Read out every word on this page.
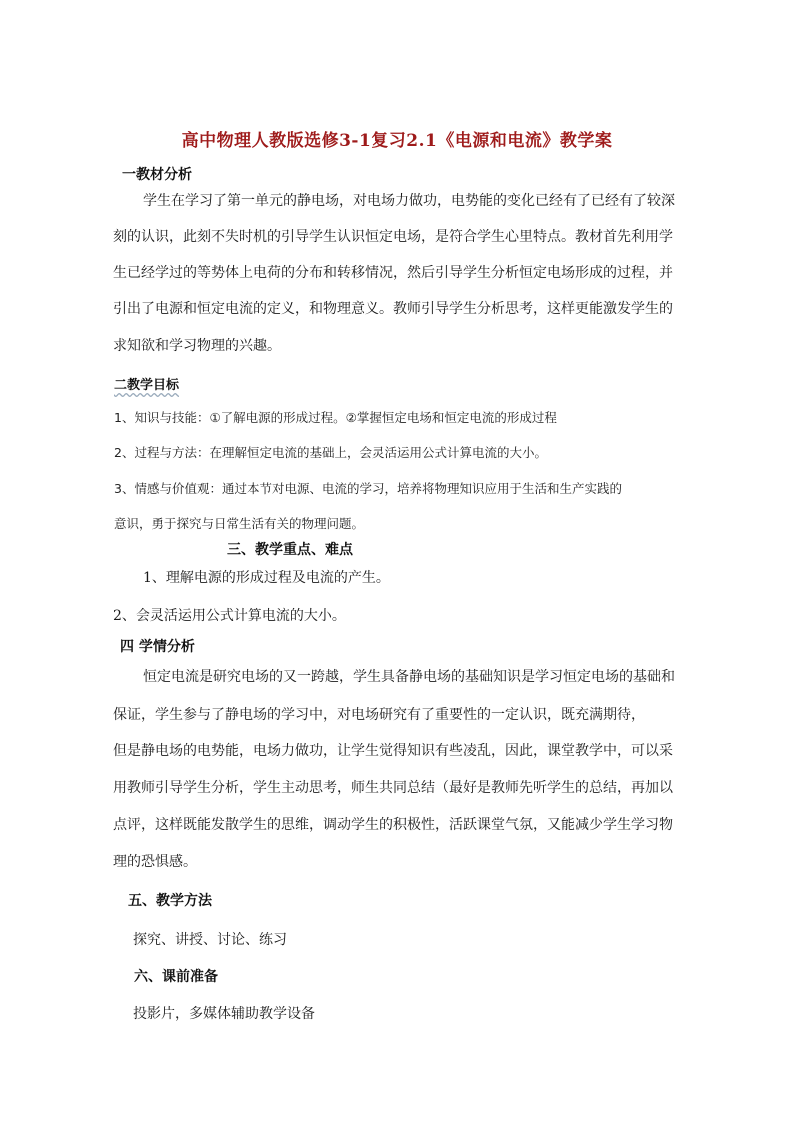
高中物理人教版选修3-1复习2.1《电源和电流》教学案
一教材分析
学生在学习了第一单元的静电场，对电场力做功，电势能的变化已经有了已经有了较深
刻的认识，此刻不失时机的引导学生认识恒定电场，是符合学生心里特点。教材首先利用学
生已经学过的等势体上电荷的分布和转移情况，然后引导学生分析恒定电场形成的过程，并
引出了电源和恒定电流的定义，和物理意义。教师引导学生分析思考，这样更能激发学生的
求知欲和学习物理的兴趣。
二教学目标
1、知识与技能：①了解电源的形成过程。②掌握恒定电场和恒定电流的形成过程
2、过程与方法：在理解恒定电流的基础上，会灵活运用公式计算电流的大小。
3、情感与价值观：通过本节对电源、电流的学习，培养将物理知识应用于生活和生产实践的
意识，勇于探究与日常生活有关的物理问题。
三、教学重点、难点
1、理解电源的形成过程及电流的产生。
2、会灵活运用公式计算电流的大小。
四 学情分析
恒定电流是研究电场的又一跨越，学生具备静电场的基础知识是学习恒定电场的基础和
保证，学生参与了静电场的学习中，对电场研究有了重要性的一定认识，既充满期待，
但是静电场的电势能，电场力做功，让学生觉得知识有些凌乱，因此，课堂教学中，可以采
用教师引导学生分析，学生主动思考，师生共同总结（最好是教师先听学生的总结，再加以
点评，这样既能发散学生的思维，调动学生的积极性，活跃课堂气氛，又能减少学生学习物
理的恐惧感。
五、教学方法
探究、讲授、讨论、练习
六、课前准备
投影片，多媒体辅助教学设备
